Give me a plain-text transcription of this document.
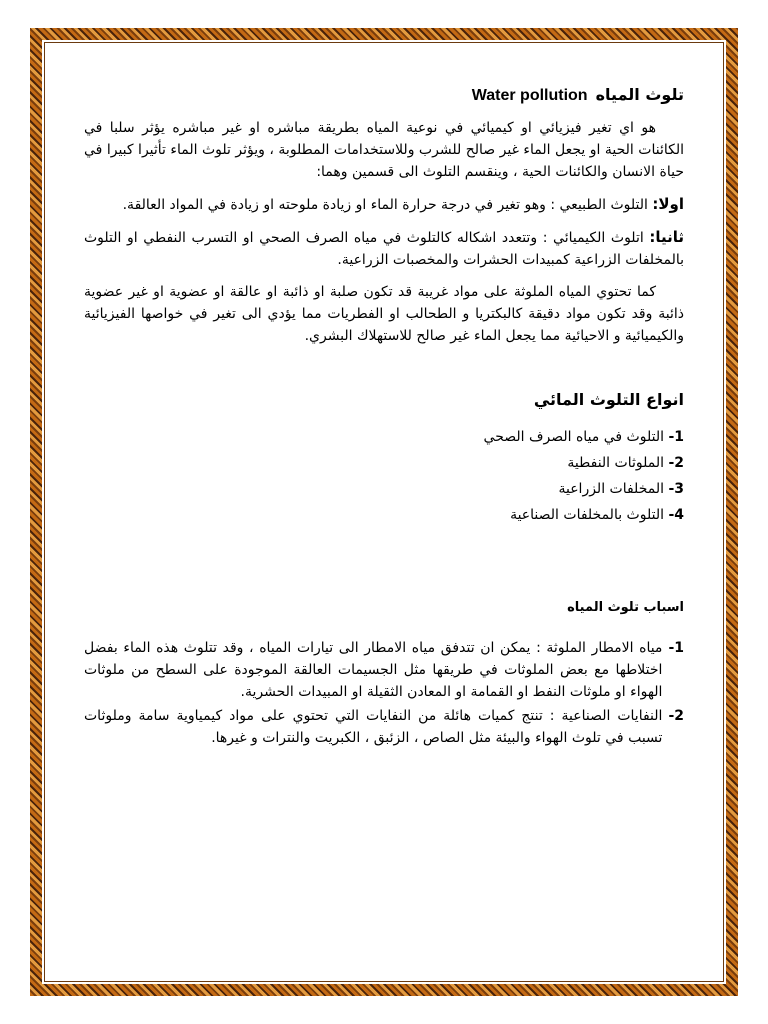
تلوث المياه
Water pollution

هو اي تغير فيزيائي او كيميائي في نوعية المياه بطريقة مباشره او غير مباشره يؤثر سلبا في الكائنات الحية او يجعل الماء غير صالح للشرب وللاستخدامات المطلوبة ، ويؤثر تلوث الماء تأثيرا كبيرا في حياة الانسان والكائنات الحية ، وينقسم التلوث الى قسمين وهما:

اولا: التلوث الطبيعي : وهو تغير في درجة حرارة الماء او زيادة ملوحته او زيادة في المواد العالقة.

ثانيا: اتلوث الكيميائي : وتتعدد اشكاله كالتلوث في مياه الصرف الصحي او التسرب النفطي او التلوث بالمخلفات الزراعية كمبيدات الحشرات والمخصبات الزراعية.

كما تحتوي المياه الملوثة على مواد غريبة قد تكون صلبة او ذائبة او عالقة او عضوية او غير عضوية ذائبة وقد تكون مواد دقيقة كالبكتريا و الطحالب او الفطريات مما يؤدي الى تغير في خواصها الفيزيائية والكيميائية و الاحيائية مما يجعل الماء غير صالح للاستهلاك البشري.

انواع التلوث المائي
1- التلوث في مياه الصرف الصحي
2- الملوثات النفطية
3- المخلفات الزراعية
4- التلوث بالمخلفات الصناعية
اسباب تلوث المياه
1-
مياه الامطار الملوثة : يمكن ان تتدفق مياه الامطار الى تيارات المياه ، وقد تتلوث هذه الماء بفضل اختلاطها مع بعض الملوثات في طريقها مثل الجسيمات العالقة الموجودة على السطح من ملوثات الهواء او ملوثات النفط او القمامة او المعادن الثقيلة او المبيدات الحشرية.
2-
النفايات الصناعية : تنتج كميات هائلة من النفايات التي تحتوي على مواد كيمياوية سامة وملوثات تسبب في تلوث الهواء والبيئة مثل الصاص ، الزئبق ، الكبريت والنترات و غيرها.
